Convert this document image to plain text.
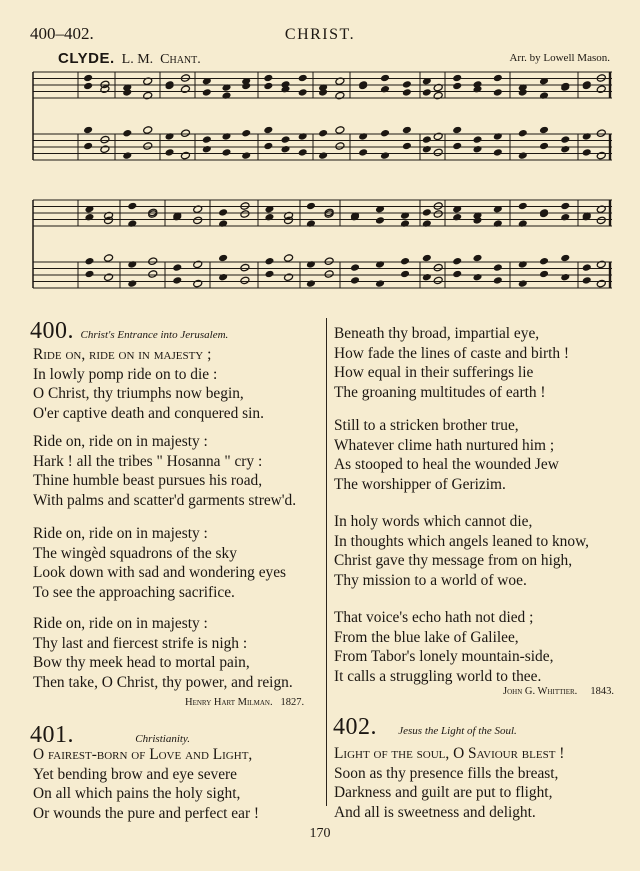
400–402.	CHRIST.
CLYDE. L. M. Chant.	Arr. by Lowell Mason.
400. Christ's Entrance into Jerusalem.
Ride on, ride on in majesty ;
In lowly pomp ride on to die :
O Christ, thy triumphs now begin,
O'er captive death and conquered sin.
Ride on, ride on in majesty :
Hark ! all the tribes " Hosanna " cry :
Thine humble beast pursues his road,
With palms and scatter'd garments strew'd.
Ride on, ride on in majesty :
The wingèd squadrons of the sky
Look down with sad and wondering eyes
To see the approaching sacrifice.
Ride on, ride on in majesty :
Thy last and fiercest strife is nigh :
Bow thy meek head to mortal pain,
Then take, O Christ, thy power, and reign.
Henry Hart Milman. 1827.
401.	Christianity.
O fairest-born of Love and Light,
Yet bending brow and eye severe
On all which pains the holy sight,
Or wounds the pure and perfect ear !
Beneath thy broad, impartial eye,
How fade the lines of caste and birth !
How equal in their sufferings lie
The groaning multitudes of earth !
Still to a stricken brother true,
Whatever clime hath nurtured him ;
As stooped to heal the wounded Jew
The worshipper of Gerizim.
In holy words which cannot die,
In thoughts which angels leaned to know,
Christ gave thy message from on high,
Thy mission to a world of woe.
That voice's echo hath not died ;
From the blue lake of Galilee,
From Tabor's lonely mountain-side,
It calls a struggling world to thee.
John G. Whittier. 1843.
402. Jesus the Light of the Soul.
Light of the soul, O Saviour blest !
Soon as thy presence fills the breast,
Darkness and guilt are put to flight,
And all is sweetness and delight.
170
